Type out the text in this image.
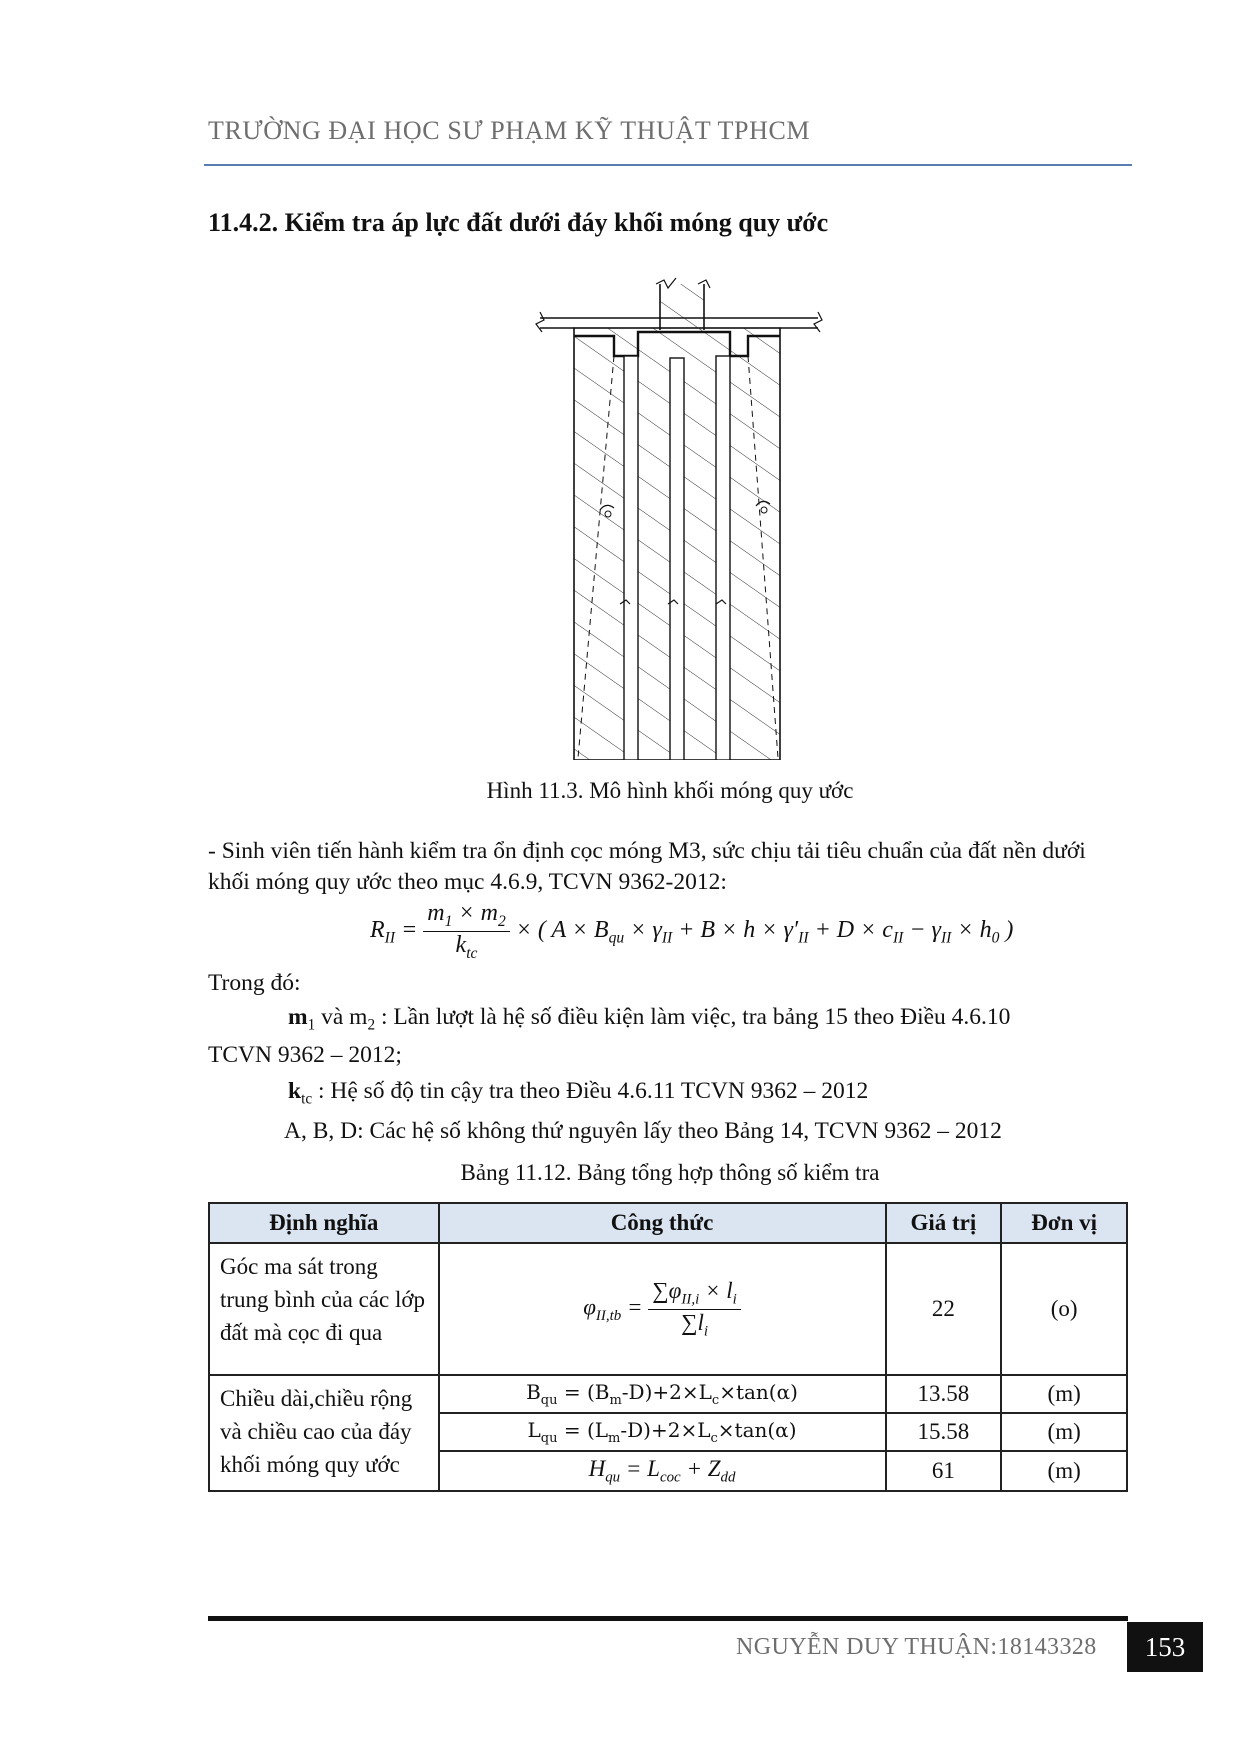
TRƯỜNG ĐẠI HỌC SƯ PHẠM KỸ THUẬT TPHCM
11.4.2. Kiểm tra áp lực đất dưới đáy khối móng quy ước
Hình 11.3. Mô hình khối móng quy ước
- Sinh viên tiến hành kiểm tra ổn định cọc móng M3, sức chịu tải tiêu chuẩn của đất nền dưới khối móng quy ước theo mục 4.6.9, TCVN 9362-2012:
$R_{II} = \frac{m_1 \times m_2}{k_{tc}}$ × ( $A \times B_{qu} \times \gamma_{II} + B \times h \times \gamma'_{II} + D \times c_{II} - \gamma_{II} \times h_0$ )
Trong đó:
$m_1$ và $m_2$ : Lần lượt là hệ số điều kiện làm việc, tra bảng 15 theo Điều 4.6.10
TCVN 9362 – 2012;
$k_{tc}$ : Hệ số độ tin cậy tra theo Điều 4.6.11 TCVN 9362 – 2012
A, B, D: Các hệ số không thứ nguyên lấy theo Bảng 14, TCVN 9362 – 2012
Bảng 11.12. Bảng tổng hợp thông số kiểm tra
Định nghĩa	Công thức	Giá trị	Đơn vị
Góc ma sát trong trung bình của các lớp đất mà cọc đi qua	$\varphi_{II,tb} = \frac{\sum\varphi_{II,i} \times l_i}{\sum l_i}$	22	(o)
Chiều dài,chiều rộng và chiều cao của đáy khối móng quy ước	$B_{qu} = (B_m-D)+2\times L_c\times\tan(\alpha)$	13.58	(m)
	$L_{qu} = (L_m-D)+2\times L_c\times\tan(\alpha)$	15.58	(m)
	$H_{qu} = L_{coc} + Z_{dd}$	61	(m)
NGUYỄN DUY THUẬN:18143328	153
